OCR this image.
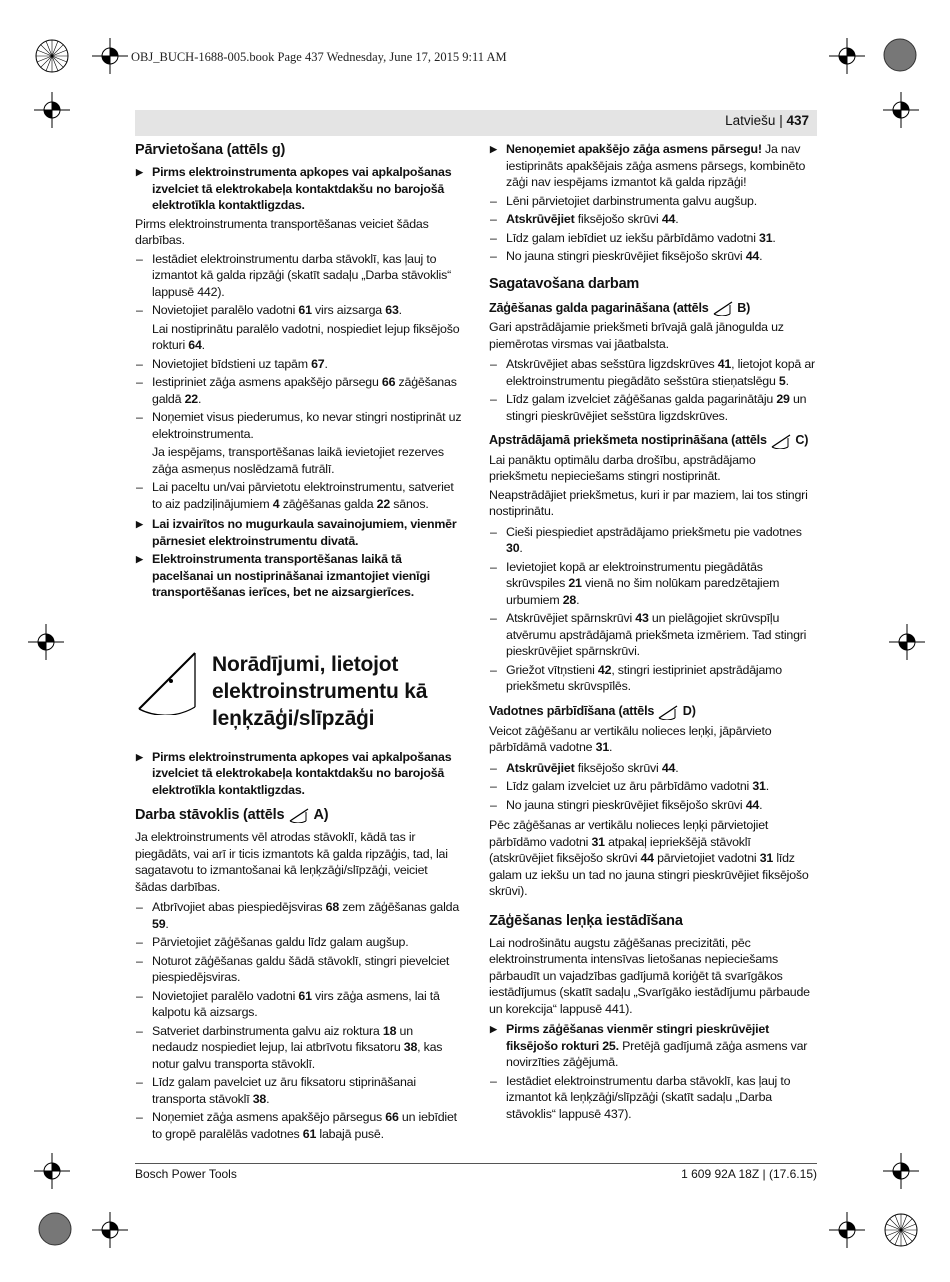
OBJ_BUCH-1688-005.book Page 437 Wednesday, June 17, 2015 9:11 AM
Latviešu | 437
Pārvietošana (attēls g)

▶ Pirms elektroinstrumenta apkopes vai apkalpošanas izvelciet tā elektrokabeļa kontaktdakšu no barojošā elektrotīkla kontaktligzdas.

Pirms elektroinstrumenta transportēšanas veiciet šādas darbības.

– Iestādiet elektroinstrumentu darba stāvoklī, kas ļauj to izmantot kā galda ripzāģi (skatīt sadaļu „Darba stāvoklis“ lappusē 442).

– Novietojiet paralēlo vadotni 61 virs aizsarga 63.

Lai nostiprinātu paralēlo vadotni, nospiediet lejup fiksējošo rokturi 64.

– Novietojiet bīdstieni uz tapām 67.

– Iestipriniet zāģa asmens apakšējo pārsegu 66 zāģēšanas galdā 22.

– Noņemiet visus piederumus, ko nevar stingri nostiprināt uz elektroinstrumenta.

Ja iespējams, transportēšanas laikā ievietojiet rezerves zāģa asmeņus noslēdzamā futrālī.

– Lai paceltu un/vai pārvietotu elektroinstrumentu, satveriet to aiz padziļinājumiem 4 zāģēšanas galda 22 sānos.

▶ Lai izvairītos no mugurkaula savainojumiem, vienmēr pārnesiet elektroinstrumentu divatā.

▶ Elektroinstrumenta transportēšanas laikā tā pacelšanai un nostiprināšanai izmantojiet vienīgi transportēšanas ierīces, bet ne aizsargierīces.

Norādījumi, lietojot elektroinstrumentu kā leņķzāģi/slīpzāģi

▶ Pirms elektroinstrumenta apkopes vai apkalpošanas izvelciet tā elektrokabeļa kontaktdakšu no barojošā elektrotīkla kontaktligzdas.

Darba stāvoklis (attēls A)

Ja elektroinstruments vēl atrodas stāvoklī, kādā tas ir piegādāts, vai arī ir ticis izmantots kā galda ripzāģis, tad, lai sagatavotu to izmantošanai kā leņķzāģi/slīpzāģi, veiciet šādas darbības.

– Atbrīvojiet abas piespiedējsviras 68 zem zāģēšanas galda 59.

– Pārvietojiet zāģēšanas galdu līdz galam augšup.

– Noturot zāģēšanas galdu šādā stāvoklī, stingri pievelciet piespiedējsviras.

– Novietojiet paralēlo vadotni 61 virs zāģa asmens, lai tā kalpotu kā aizsargs.

– Satveriet darbinstrumenta galvu aiz roktura 18 un nedaudz nospiediet lejup, lai atbrīvotu fiksatoru 38, kas notur galvu transporta stāvoklī.

– Līdz galam pavelciet uz āru fiksatoru stiprināšanai transporta stāvoklī 38.

– Noņemiet zāģa asmens apakšējo pārsegus 66 un iebīdiet to gropē paralēlās vadotnes 61 labajā pusē.

▶ Nenoņemiet apakšējo zāģa asmens pārsegu! Ja nav iestiprināts apakšējais zāģa asmens pārsegs, kombinēto zāģi nav iespējams izmantot kā galda ripzāģi!

– Lēni pārvietojiet darbinstrumenta galvu augšup.

– Atskrūvējiet fiksējošo skrūvi 44.

– Līdz galam iebīdiet uz iekšu pārbīdāmo vadotni 31.

– No jauna stingri pieskrūvējiet fiksējošo skrūvi 44.

Sagatavošana darbam
Zāģēšanas galda pagarināšana (attēls B)

Gari apstrādājamie priekšmeti brīvajā galā jānogulda uz piemērotas virsmas vai jāatbalsta.

– Atskrūvējiet abas sešstūra ligzdskrūves 41, lietojot kopā ar elektroinstrumentu piegādāto sešstūra stieņatslēgu 5.

– Līdz galam izvelciet zāģēšanas galda pagarinātāju 29 un stingri pieskrūvējiet sešstūra ligzdskrūves.

Apstrādājamā priekšmeta nostiprināšana (attēls C)

Lai panāktu optimālu darba drošību, apstrādājamo priekšmetu nepieciešams stingri nostiprināt.

Neapstrādājiet priekšmetus, kuri ir par maziem, lai tos stingri nostiprinātu.

– Cieši piespiediet apstrādājamo priekšmetu pie vadotnes 30.

– Ievietojiet kopā ar elektroinstrumentu piegādātās skrūvspiles 21 vienā no šim nolūkam paredzētajiem urbumiem 28.

– Atskrūvējiet spārnskrūvi 43 un pielāgojiet skrūvspīļu atvērumu apstrādājamā priekšmeta izmēriem. Tad stingri pieskrūvējiet spārnskrūvi.

– Griežot vītņstieni 42, stingri iestipriniet apstrādājamo priekšmetu skrūvspīlēs.

Vadotnes pārbīdīšana (attēls D)

Veicot zāģēšanu ar vertikālu nolieces leņķi, jāpārvieto pārbīdāmā vadotne 31.

– Atskrūvējiet fiksējošo skrūvi 44.

– Līdz galam izvelciet uz āru pārbīdāmo vadotni 31.

– No jauna stingri pieskrūvējiet fiksējošo skrūvi 44.

Pēc zāģēšanas ar vertikālu nolieces leņķi pārvietojiet pārbīdāmo vadotni 31 atpakaļ iepriekšējā stāvoklī (atskrūvējiet fiksējošo skrūvi 44 pārvietojiet vadotni 31 līdz galam uz iekšu un tad no jauna stingri pieskrūvējiet fiksējošo skrūvi).

Zāģēšanas leņķa iestādīšana

Lai nodrošinātu augstu zāģēšanas precizitāti, pēc elektroinstrumenta intensīvas lietošanas nepieciešams pārbaudīt un vajadzības gadījumā koriģēt tā svarīgākos iestādījumus (skatīt sadaļu „Svarīgāko iestādījumu pārbaude un korekcija“ lappusē 441).

▶ Pirms zāģēšanas vienmēr stingri pieskrūvējiet fiksējošo rokturi 25. Pretējā gadījumā zāģa asmens var novirzīties zāģējumā.

– Iestādiet elektroinstrumentu darba stāvoklī, kas ļauj to izmantot kā leņķzāģi/slīpzāģi (skatīt sadaļu „Darba stāvoklis“ lappusē 437).

Bosch Power Tools	1 609 92A 18Z | (17.6.15)
